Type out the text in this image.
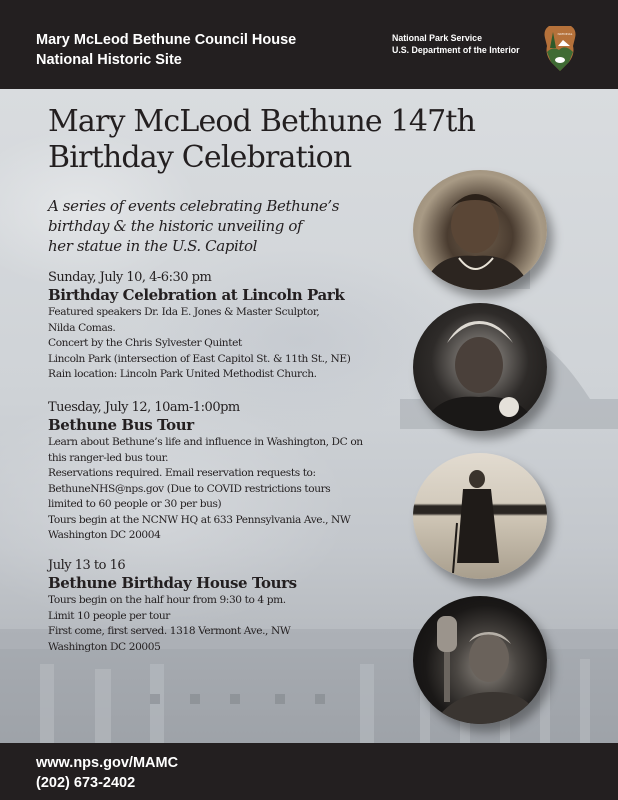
Mary McLeod Bethune Council House
National Historic Site
National Park Service
U.S. Department of the Interior
NATIONAL
Mary McLeod Bethune 147th
Birthday Celebration
A series of events celebrating Bethune’s
birthday & the historic unveiling of
her statue in the U.S. Capitol
Sunday, July 10, 4-6:30 pm
Birthday Celebration at Lincoln Park
Featured speakers Dr. Ida E. Jones & Master Sculptor,
Nilda Comas.
Concert by the Chris Sylvester Quintet
Lincoln Park (intersection of East Capitol St. & 11th St., NE)
Rain location: Lincoln Park United Methodist Church.
Tuesday, July 12, 10am-1:00pm
Bethune Bus Tour
Learn about Bethune’s life and influence in Washington, DC on
this ranger-led bus tour.
Reservations required. Email reservation requests to:
BethuneNHS@nps.gov (Due to COVID restrictions tours
limited to 60 people or 30 per bus)
Tours begin at the NCNW HQ at 633 Pennsylvania Ave., NW
Washington DC 20004
July 13 to 16
Bethune Birthday House Tours
Tours begin on the half hour from 9:30 to 4 pm.
Limit 10 people per tour
First come, first served. 1318 Vermont Ave., NW
Washington DC 20005
www.nps.gov/MAMC
(202) 673-2402
